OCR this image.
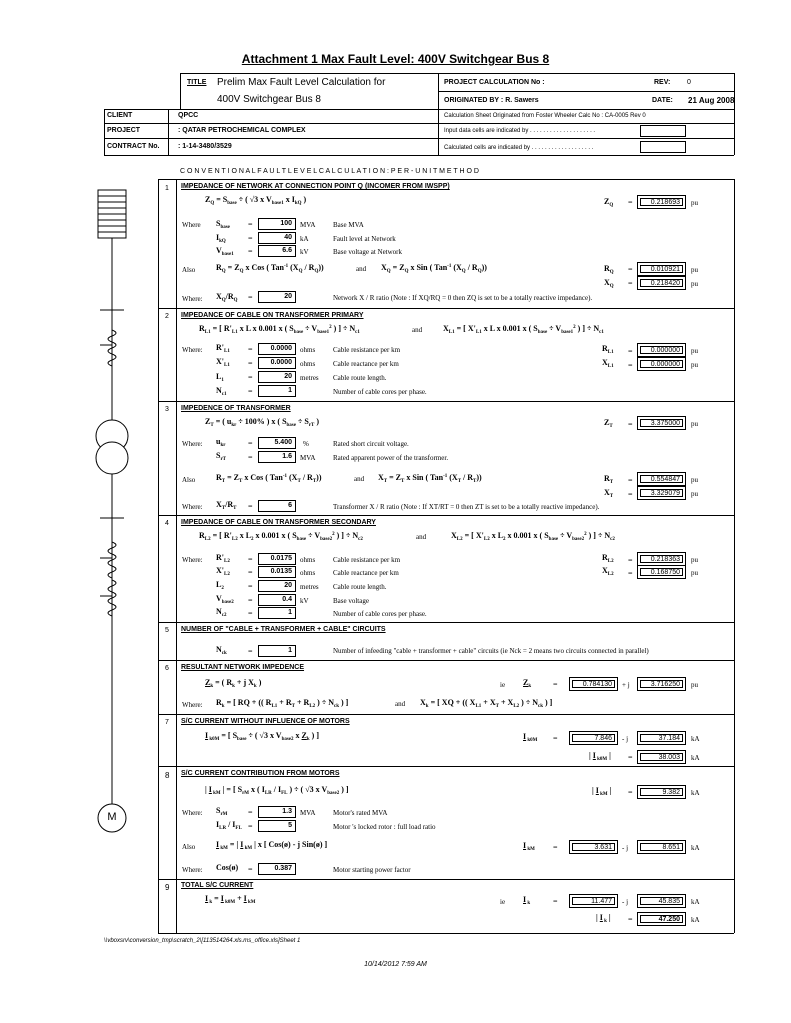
Attachment 1 Max Fault Level: 400V Switchgear Bus 8
TITLE Prelim Max Fault Level Calculation for
400V Switchgear Bus 8
PROJECT CALCULATION No :	REV: 0
ORIGINATED BY : R. Sawers	DATE: 21 Aug 2008
CLIENT	QPCC
PROJECT	: QATAR PETROCHEMICAL COMPLEX
CONTRACT No.	: 1-14-3480/3529
Calculation Sheet Originated from Foster Wheeler Calc No : CA-0005 Rev 0
Input data cells are indicated by . . . . . . . . . . . . . . . . . . . .
Calculated cells are indicated by . . . . . . . . . . . . . . . . . . .
C O N V E N T I O N A L F A U L T L E V E L C A L C U L A T I O N : P E R - U N I T M E T H O D
M
1 IMPEDANCE OF NETWORK AT CONNECTION POINT Q (INCOMER FROM IWSPP)
$Z_Q = S_{base}$ ÷ ( √3 x $V_{base1}$ x $I_{kQ}$ )	$Z_Q$ =	0.218693	pu
Where $S_{base}$ =	100	MVA	Base MVA
$I_{kQ}$	=	40	kA	Fault level at Network
$V_{base1}$ =	6.6	kV	Base voltage at Network
Also	$R_Q = Z_Q$ x Cos ( Tan$^{-1}$ $(X_Q / R_Q)$)	and $X_Q = Z_Q$ x Sin ( Tan$^{-1}$ $(X_Q / R_Q)$)	$R_Q$ =	0.010921	pu
$X_Q$ =	0.218420	pu
Where: $X_Q/R_Q$ =	20	Network X / R ratio (Note : If XQ/RQ = 0 then ZQ is set to be a totally reactive impedance).
2 IMPEDANCE OF CABLE ON TRANSFORMER PRIMARY
$R_{L1}$ = [ $R'_{L1}$ x L x 0.001 x ( $S_{base} \div V_{base1}^2$ ) ] ÷ $N_{c1}$	and	$X_{L1}$ = [ $X'_{L1}$ x L x 0.001 x ( $S_{base} \div V_{base1}^2$ ) ] ÷ $N_{c1}$
Where: $R'_{L1}$ =	0.0000	ohms	Cable resistance per km
$X'_{L1}$ =	0.0000	ohms	Cable reactance per km
$L_1$	=	20	metres Cable route length.
$N_{c1}$	=	1	Number of cable cores per phase.
$R_{L1}$ =	0.000000	pu
$X_{L1}$ =	0.000000	pu
3 IMPEDENCE OF TRANSFORMER
$Z_T$ = ( $u_{kr} \div 100\%$ ) x ( $S_{base} \div S_{rT}$ )	$Z_T$ =	3.375000	pu
Where: $u_{kr}$	=	5.400	%	Rated short circuit voltage.
$S_{rT}$	=	1.6	MVA	Rated apparent power of the transformer.
Also	$R_T = Z_T$ x Cos ( Tan$^{-1}$ $(X_T / R_T)$)	and $X_T = Z_T$ x Sin ( Tan$^{-1}$ $(X_T / R_T)$)	$R_T$ =	0.554847	pu
$X_T$ =	3.329079	pu
Where: $X_T/R_T$ =	6	Transformer X / R ratio (Note : If XT/RT = 0 then ZT is set to be a totally reactive impedance).
4 IMPEDANCE OF CABLE ON TRANSFORMER SECONDARY
$R_{L2}$ = [ $R'_{L2}$ x $L_2$ x 0.001 x ( $S_{base} \div V_{base2}^2$ ) ] ÷ $N_{c2}$	and	$X_{L2}$ = [ $X'_{L2}$ x $L_2$ x 0.001 x ( $S_{base} \div V_{base2}^2$ ) ] ÷ $N_{c2}$
Where: $R'_{L2}$ =	0.0175	ohms	Cable resistance per km
$X'_{L2}$ =	0.0135	ohms	Cable reactance per km
$L_2$	=	20	metres Cable route length.
$V_{base2}$ =	0.4	kV	Base voltage
$N_{c2}$	=	1	Number of cable cores per phase.
$R_{L2}$ =	0.218363	pu
$X_{L2}$ =	0.168750	pu
5 NUMBER OF "CABLE + TRANSFORMER + CABLE" CIRCUITS
$N_{ck}$	=	1	Number of infeeding "cable + transformer + cable" circuits (ie Nck = 2 means two circuits connected in parallel)
6 RESULTANT NETWORK IMPEDENCE
$Z_k$ = ( $R_k + j$ $X_k$ )	ie $Z_k$	=	0.784130	+ j	3.716250	pu
Where: $R_k$ = [ RQ + (( $R_{L1} + R_T + R_{L2}$ ) ÷ $N_{ck}$ ) ]	and $X_k$ = [ XQ + (( $X_{L1} + X_T + X_{L2}$ ) ÷ $N_{ck}$ ) ]
7 S/C CURRENT WITHOUT INFLUENCE OF MOTORS
I $_{k0M}$ = [ $S_{base}$ ÷ ( √3 x $V_{base2}$ x $Z_k$ ) ]	I $_{k0M}$ =	7.846	- j	37.184	kA
| I $_{k0M}$ | =	38.003	kA
8 S/C CURRENT CONTRIBUTION FROM MOTORS
| I $_{kM}$ | = [ $S_{rM}$ x ( $I_{LR} / I_{FL}$ ) ÷ ( √3 x $V_{base2}$ ) ]	| I $_{kM}$ | =	9.382	kA
Where: $S_{rM}$	=	1.3	MVA	Motor's rated MVA
$I_{LR} / I_{FL}$ =	5	Motor 's locked rotor : full load ratio
Also	I $_{kM}$ = | I $_{kM}$ | x [ Cos(ø) - j Sin(ø) ]	I $_{kM}$ =	3.631	- j	8.651	kA
Where: Cos(ø) =	0.387	Motor starting power factor
9 TOTAL S/C CURRENT
I $_k$ = I $_{k0M}$ + I $_{kM}$	ie I $_k$	=	11.477	- j	45.835	kA
| I $_k$ | =	47.250	kA
\\vboxsrv\conversion_tmp\scratch_2\[113514264.xls.ms_office.xls]Sheet 1
10/14/2012 7:59 AM
